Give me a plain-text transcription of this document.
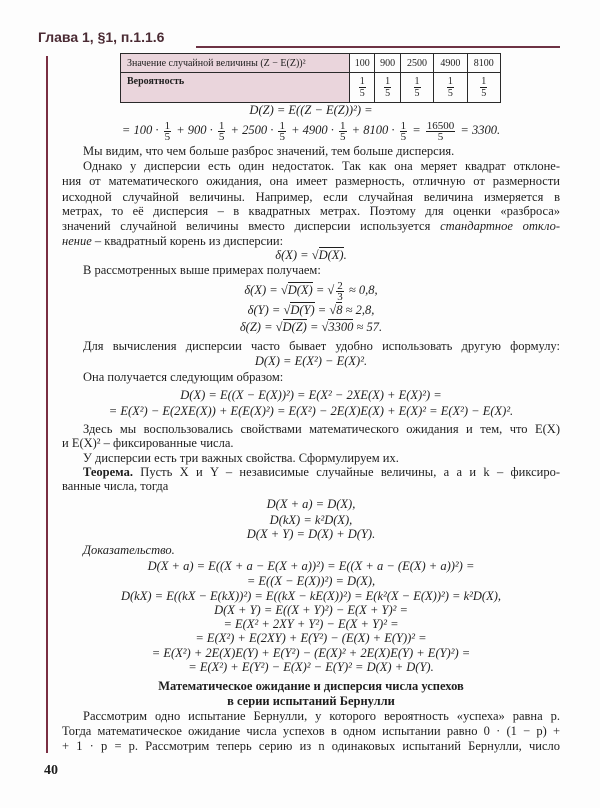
Глава 1, §1, п.1.1.6
Значение случайной величины (Z − E(Z))²	100	900	2500	4900	8100
Вероятность	$\frac{1}{5}$	$\frac{1}{5}$	$\frac{1}{5}$	$\frac{1}{5}$	$\frac{1}{5}$
D(Z) = E((Z − E(Z))²) =
= $100 \cdot \frac{1}{5} + 900 \cdot \frac{1}{5} + 2500 \cdot \frac{1}{5} + 4900 \cdot \frac{1}{5} + 8100 \cdot \frac{1}{5} = \frac{16500}{5} = 3300$.
Мы видим, что чем больше разброс значений, тем больше дисперсия.
Однако у дисперсии есть один недостаток. Так как она меряет квадрат отклоне-
ния от математического ожидания, она имеет размерность, отличную от размерности
исходной случайной величины. Например, если случайная величина измеряется в
метрах, то её дисперсия – в квадратных метрах. Поэтому для оценки «разброса»
значений случайной величины вместо дисперсии используется стандартное откло-
нение – квадратный корень из дисперсии:
δ(X) = √D(X).
В рассмотренных выше примерах получаем:
δ(X) = √D(X) = √ $\frac{2}{3} \approx 0,8$,
δ(Y) = √D(Y) = √8 ≈ 2,8,
δ(Z) = √D(Z) = √3300 ≈ 57.
Для вычисления дисперсии часто бывает удобно использовать другую формулу:
D(X) = E(X²) − E(X)².
Она получается следующим образом:
D(X) = E((X − E(X))²) = E(X² − 2XE(X) + E(X)²) =
= E(X²) − E(2XE(X)) + E(E(X)²) = E(X²) − 2E(X)E(X) + E(X)² = E(X²) − E(X)².
Здесь мы воспользовались свойствами математического ожидания и тем, что E(X)
и E(X)² – фиксированные числа.
У дисперсии есть три важных свойства. Сформулируем их.
Теорема. Пусть X и Y – независимые случайные величины, а a и k – фиксиро-
ванные числа, тогда
D(X + a) = D(X),
D(kX) = k²D(X),
D(X + Y) = D(X) + D(Y).
Доказательство.
D(X + a) = E((X + a − E(X + a))²) = E((X + a − (E(X) + a))²) =
= E((X − E(X))²) = D(X),
D(kX) = E((kX − E(kX))²) = E((kX − kE(X))²) = E(k²(X − E(X))²) = k²D(X),
D(X + Y) = E((X + Y)²) − E(X + Y)² =
= E(X² + 2XY + Y²) − E(X + Y)² =
= E(X²) + E(2XY) + E(Y²) − (E(X) + E(Y))² =
= E(X²) + 2E(X)E(Y) + E(Y²) − (E(X)² + 2E(X)E(Y) + E(Y)²) =
= E(X²) + E(Y²) − E(X)² − E(Y)² = D(X) + D(Y).
Математическое ожидание и дисперсия числа успехов
в серии испытаний Бернулли
Рассмотрим одно испытание Бернулли, у которого вероятность «успеха» равна p.
Тогда математическое ожидание числа успехов в одном испытании равно 0 · (1 − p) +
+ 1 · p = p. Рассмотрим теперь серию из n одинаковых испытаний Бернулли, число
40
